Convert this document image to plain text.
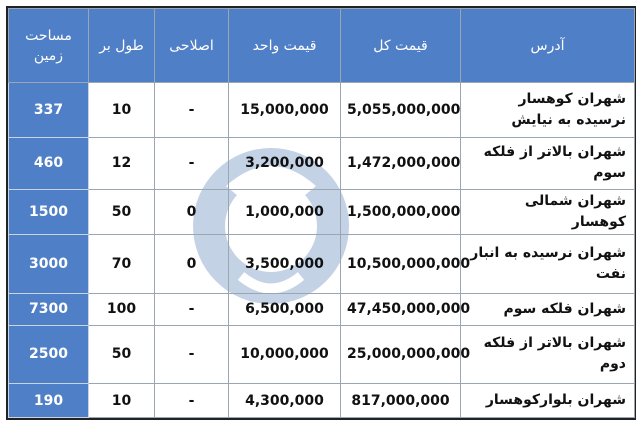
مساحت زمین	طول بر	اصلاحی	قیمت واحد	قیمت کل	آدرس
337	10	-	15,000,000	5,055,000,000	شهران کوهسار نرسیده به نیایش
460	12	-	3,200,000	1,472,000,000	شهران بالاتر از فلکه سوم
1500	50	0	1,000,000	1,500,000,000	شهران شمالی کوهسار
3000	70	0	3,500,000	10,500,000,000	شهران نرسیده به انبار نفت
7300	100	-	6,500,000	47,450,000,000	شهران فلکه سوم
2500	50	-	10,000,000	25,000,000,000	شهران بالاتر از فلکه دوم
190	10	-	4,300,000	817,000,000	شهران بلوارکوهسار
